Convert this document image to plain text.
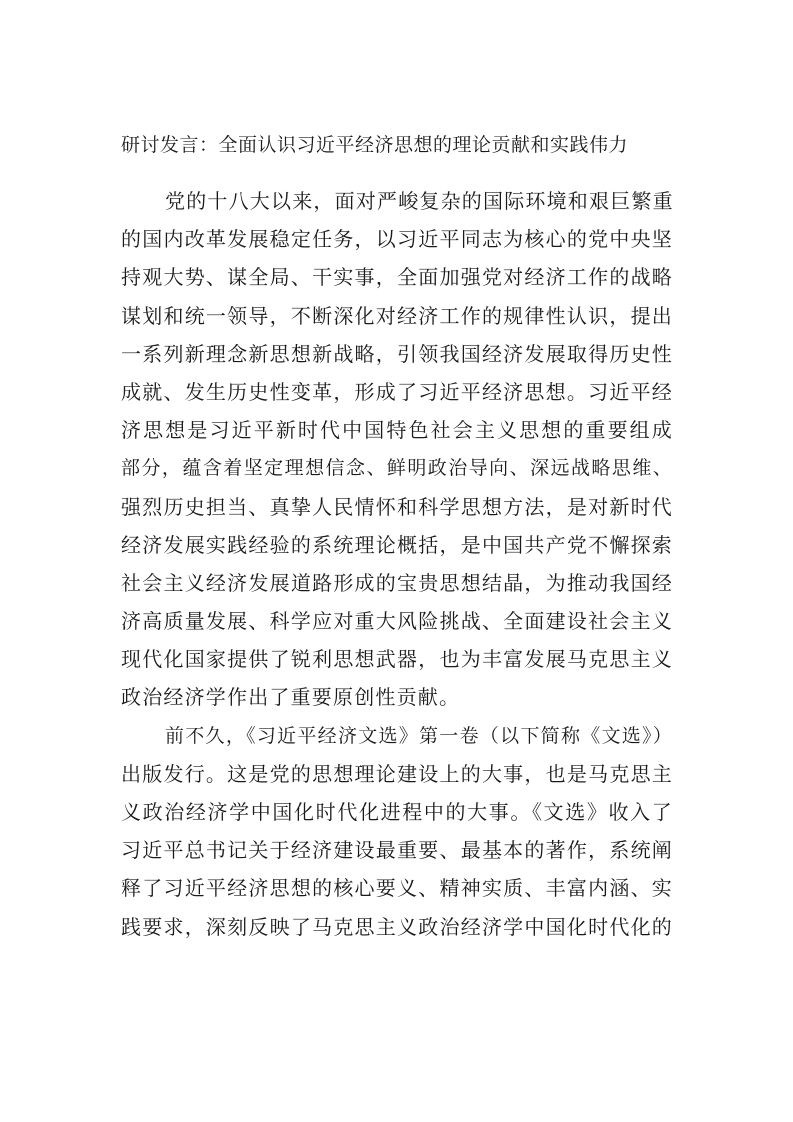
研讨发言：全面认识习近平经济思想的理论贡献和实践伟力
党的十八大以来，面对严峻复杂的国际环境和艰巨繁重
的国内改革发展稳定任务，以习近平同志为核心的党中央坚
持观大势、谋全局、干实事，全面加强党对经济工作的战略
谋划和统一领导，不断深化对经济工作的规律性认识，提出
一系列新理念新思想新战略，引领我国经济发展取得历史性
成就、发生历史性变革，形成了习近平经济思想。习近平经
济思想是习近平新时代中国特色社会主义思想的重要组成
部分，蕴含着坚定理想信念、鲜明政治导向、深远战略思维、
强烈历史担当、真挚人民情怀和科学思想方法，是对新时代
经济发展实践经验的系统理论概括，是中国共产党不懈探索
社会主义经济发展道路形成的宝贵思想结晶，为推动我国经
济高质量发展、科学应对重大风险挑战、全面建设社会主义
现代化国家提供了锐利思想武器，也为丰富发展马克思主义
政治经济学作出了重要原创性贡献。
前不久，《习近平经济文选》第一卷（以下简称《文选》）
出版发行。这是党的思想理论建设上的大事，也是马克思主
义政治经济学中国化时代化进程中的大事。《文选》收入了
习近平总书记关于经济建设最重要、最基本的著作，系统阐
释了习近平经济思想的核心要义、精神实质、丰富内涵、实
践要求，深刻反映了马克思主义政治经济学中国化时代化的
